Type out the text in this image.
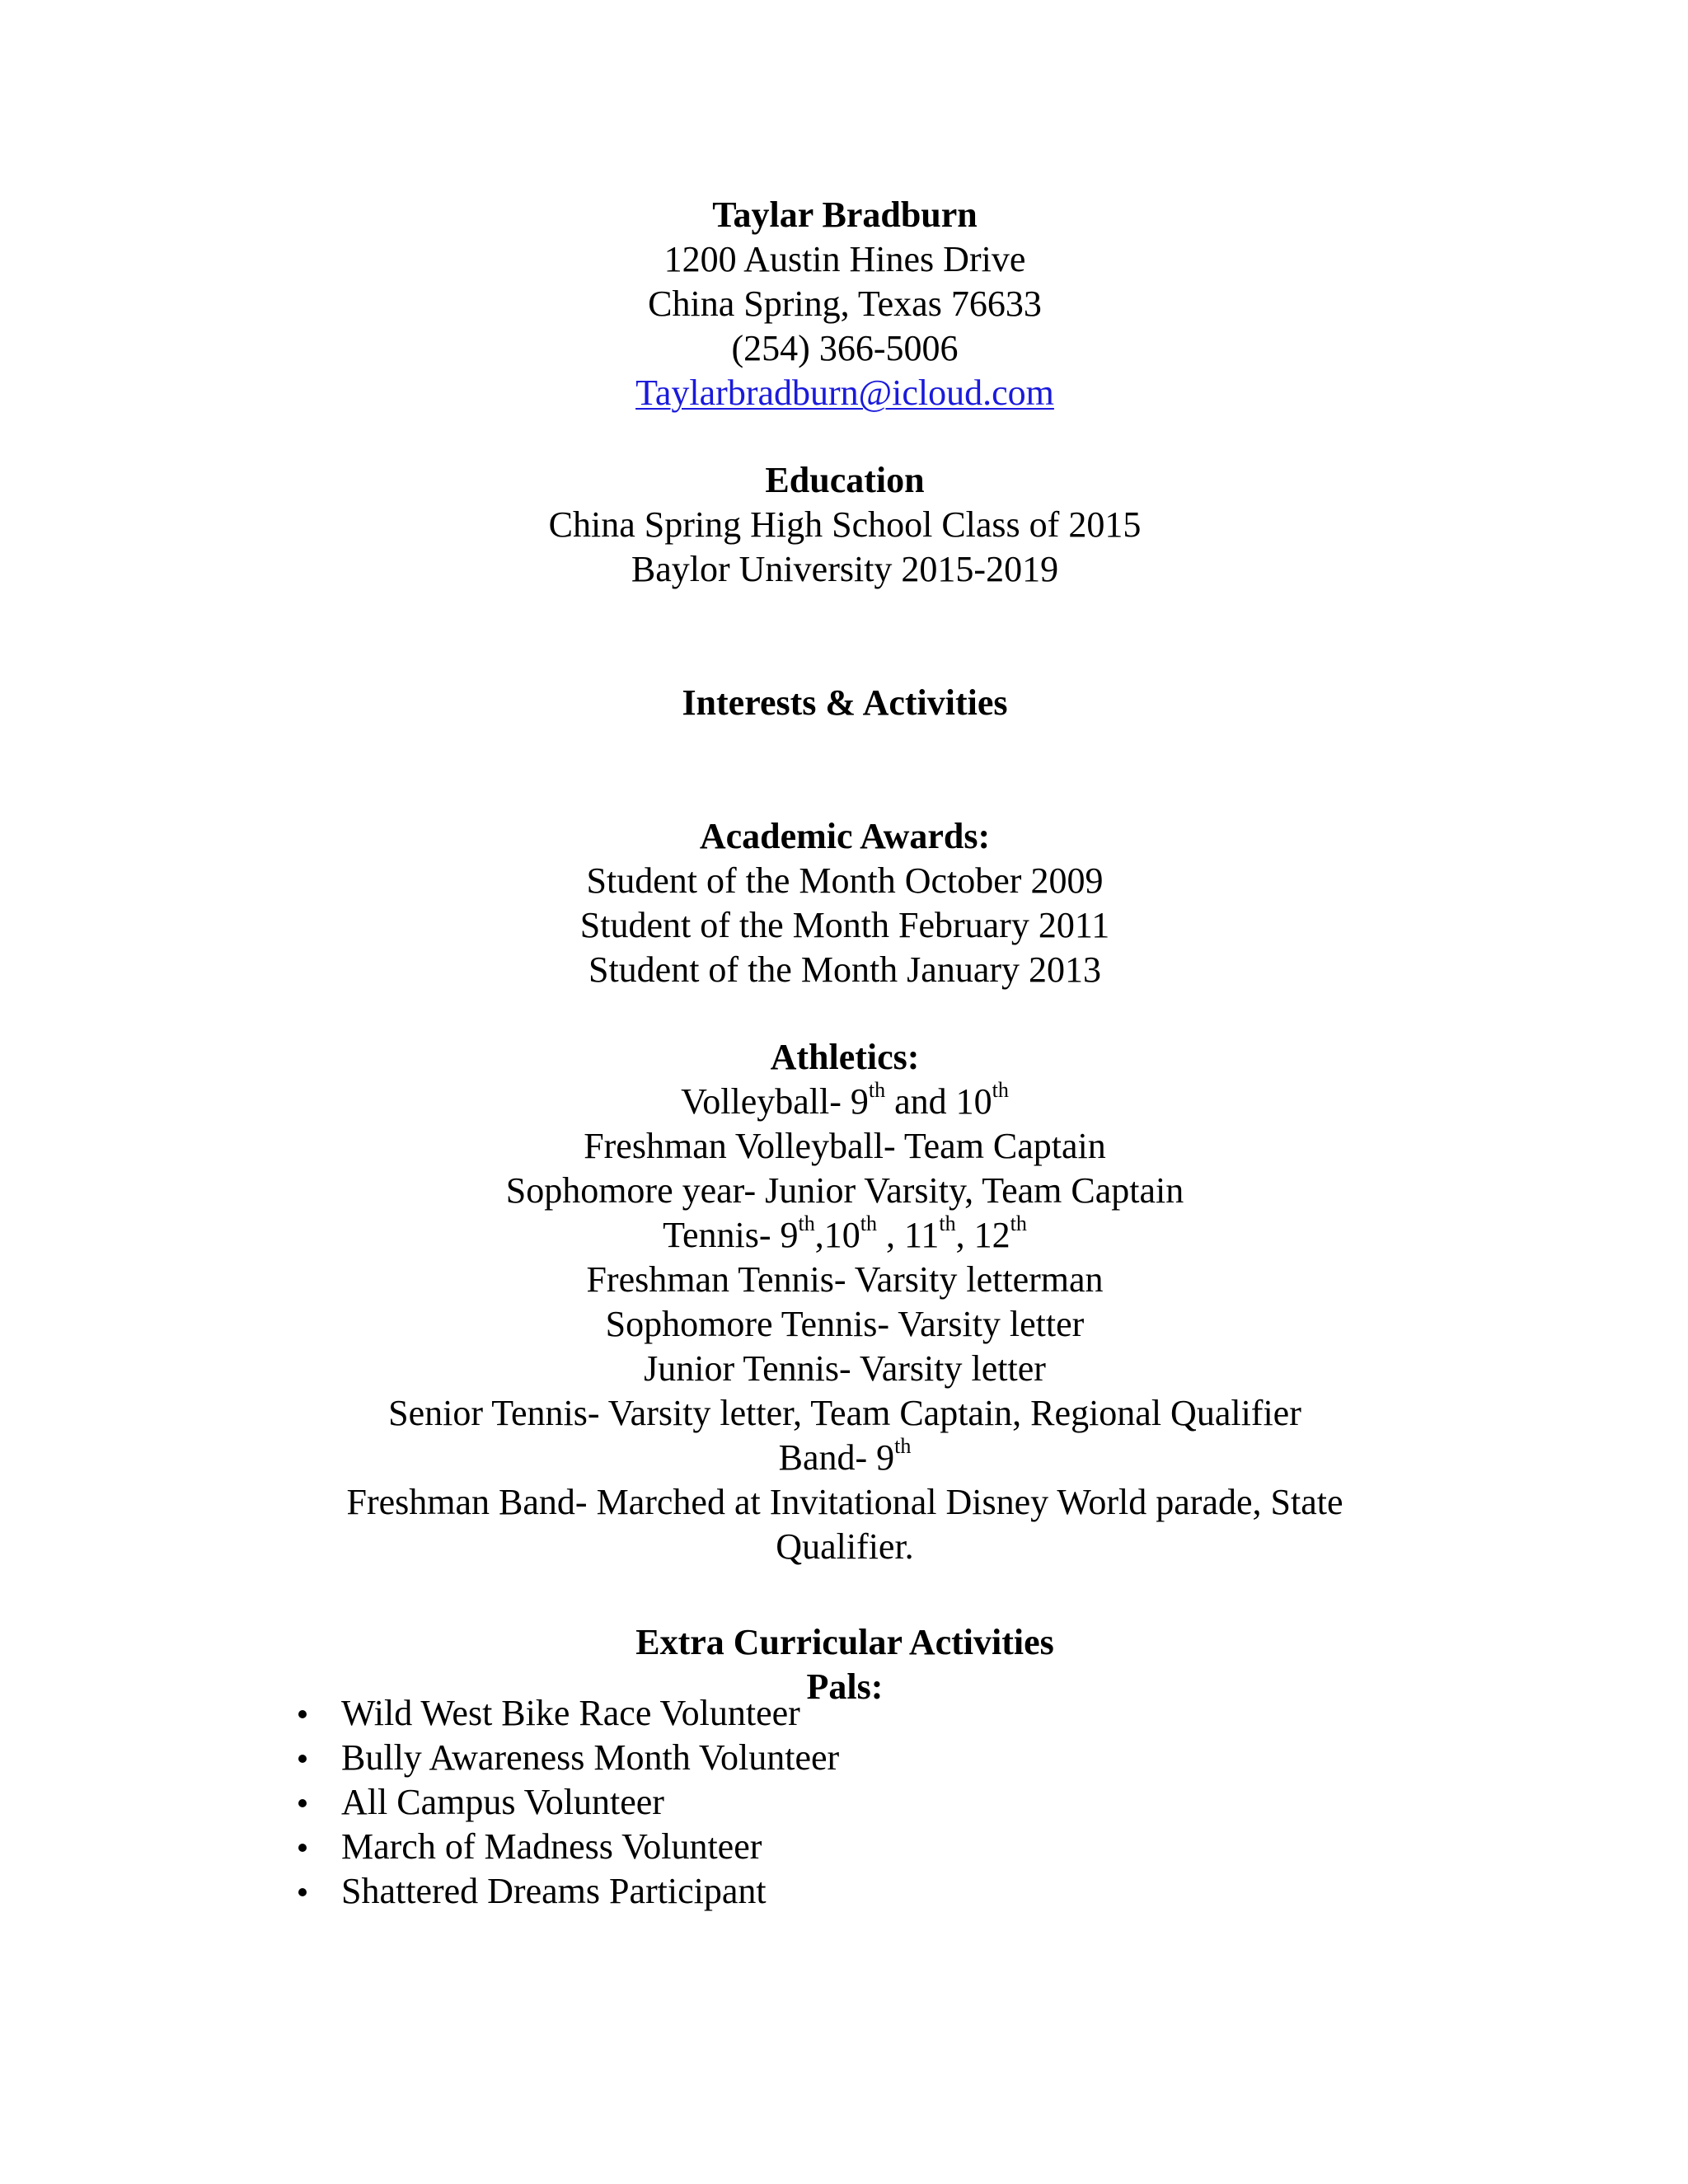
Taylar Bradburn
1200 Austin Hines Drive
China Spring, Texas 76633
(254) 366-5006
Taylarbradburn@icloud.com
Education
China Spring High School Class of 2015
Baylor University 2015-2019
Interests & Activities
Academic Awards:
Student of the Month October 2009
Student of the Month February 2011
Student of the Month January 2013
Athletics:
Volleyball- 9th and 10th
Freshman Volleyball- Team Captain
Sophomore year- Junior Varsity, Team Captain
Tennis- 9th,10th , 11th, 12th
Freshman Tennis- Varsity letterman
Sophomore Tennis- Varsity letter
Junior Tennis- Varsity letter
Senior Tennis- Varsity letter, Team Captain, Regional Qualifier
Band- 9th
Freshman Band- Marched at Invitational Disney World parade, State Qualifier.
Extra Curricular Activities
Pals:
Wild West Bike Race Volunteer
Bully Awareness Month Volunteer
All Campus Volunteer
March of Madness Volunteer
Shattered Dreams Participant
